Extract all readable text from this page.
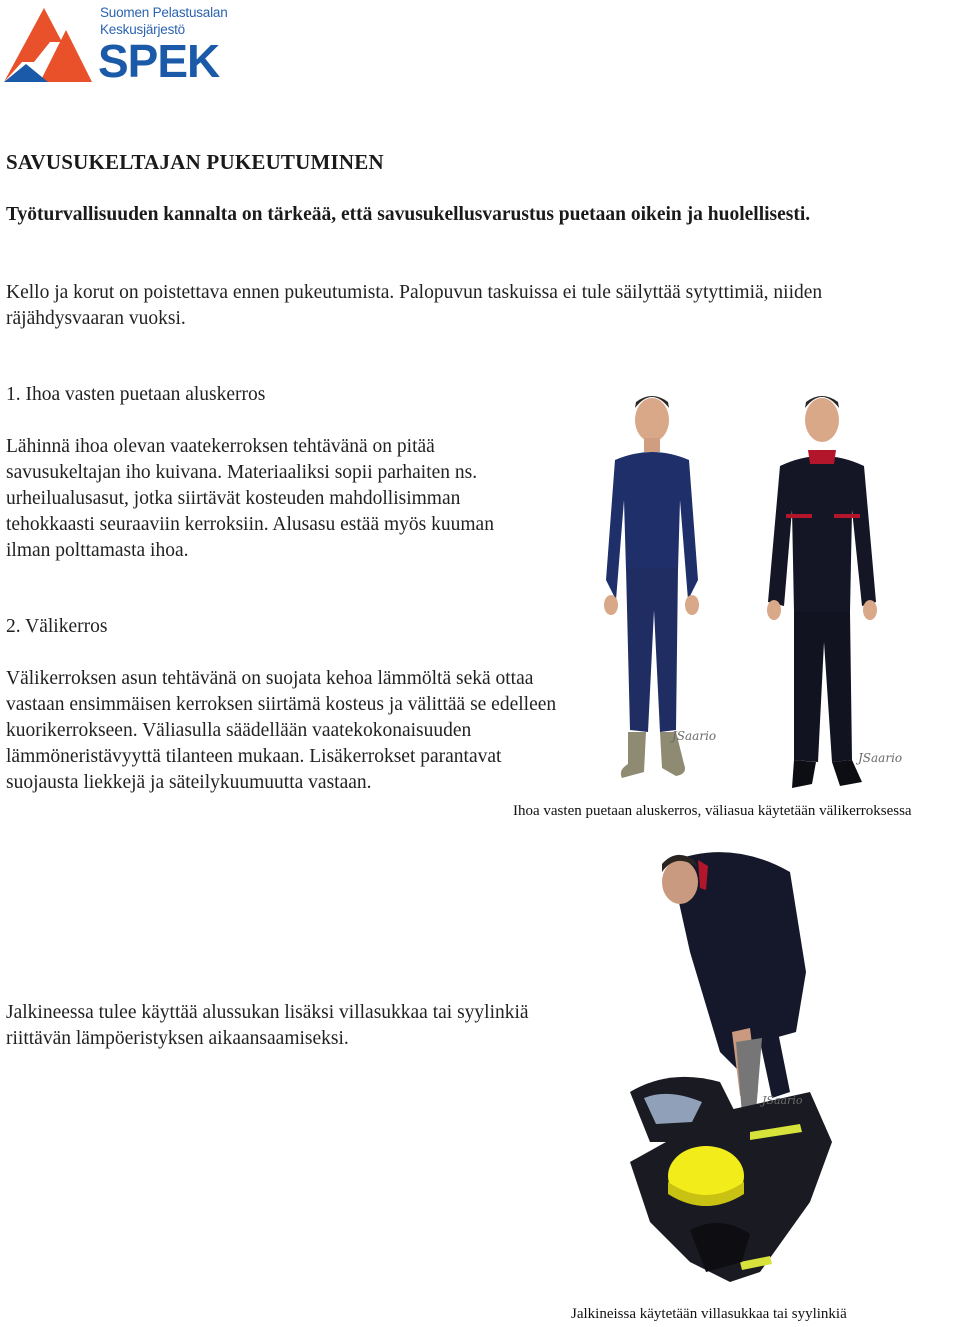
Suomen Pelastusalan
Keskusjärjestö
SPEK
SAVUSUKELTAJAN PUKEUTUMINEN
Työturvallisuuden kannalta on tärkeää, että savusukellusvarustus puetaan oikein ja huolellisesti.
Kello ja korut on poistettava ennen pukeutumista. Palopuvun taskuissa ei tule säilyttää sytyttimiä, niiden räjähdysvaaran vuoksi.
1. Ihoa vasten puetaan aluskerros
Lähinnä ihoa olevan vaatekerroksen tehtävänä on pitää savusukeltajan iho kuivana. Materiaaliksi sopii parhaiten ns. urheilualusasut, jotka siirtävät kosteuden mahdollisimman tehokkaasti seuraaviin kerroksiin. Alusasu estää myös kuuman ilman polttamasta ihoa.
2. Välikerros
Välikerroksen asun tehtävänä on suojata kehoa lämmöltä sekä ottaa vastaan ensimmäisen kerroksen siirtämä kosteus ja välittää se edelleen kuorikerrokseen. Väliasulla säädellään vaatekokonaisuuden lämmöneristävyyttä tilanteen mukaan. Lisäkerrokset parantavat suojausta liekkejä ja säteilykuumuutta vastaan.
Jalkineessa tulee käyttää alussukan lisäksi villasukkaa tai syylinkiä riittävän lämpöeristyksen aikaansaamiseksi.
JSaario
JSaario
Ihoa vasten puetaan aluskerros, väliasua käytetään välikerroksessa
JSaario
Jalkineissa käytetään villasukkaa tai syylinkiä
